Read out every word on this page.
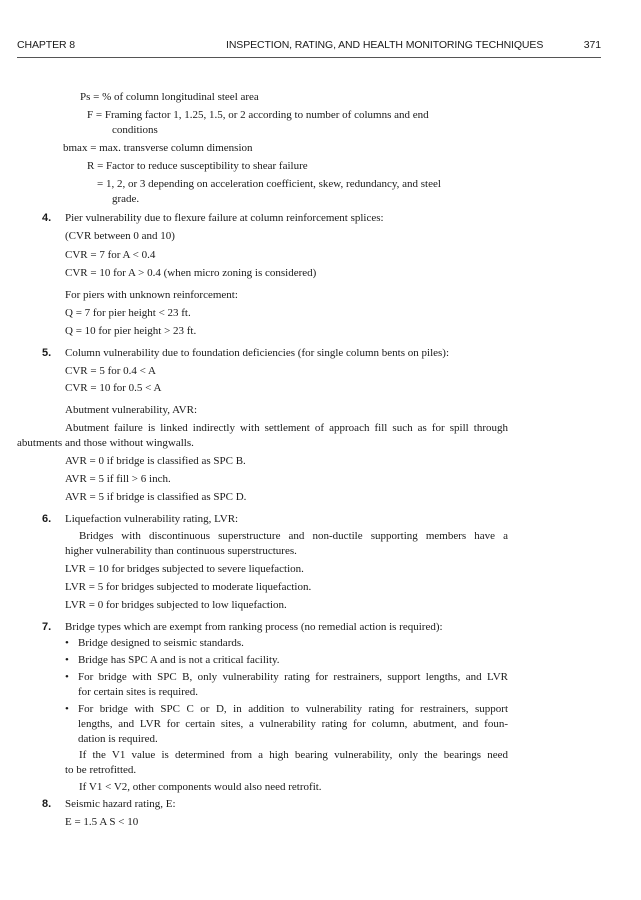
CHAPTER 8	INSPECTION, RATING, AND HEALTH MONITORING TECHNIQUES	371
Ps = % of column longitudinal steel area
F = Framing factor 1, 1.25, 1.5, or 2 according to number of columns and end
conditions
bmax = max. transverse column dimension
R = Factor to reduce susceptibility to shear failure
= 1, 2, or 3 depending on acceleration coefficient, skew, redundancy, and steel
grade.
4. Pier vulnerability due to flexure failure at column reinforcement splices:
(CVR between 0 and 10)
CVR = 7 for A < 0.4
CVR = 10 for A > 0.4 (when micro zoning is considered)
For piers with unknown reinforcement:
Q = 7 for pier height < 23 ft.
Q = 10 for pier height > 23 ft.
5. Column vulnerability due to foundation deficiencies (for single column bents on piles):
CVR = 5 for 0.4 < A
CVR = 10 for 0.5 < A
Abutment vulnerability, AVR:
Abutment failure is linked indirectly with settlement of approach fill such as for spill through
abutments and those without wingwalls.
AVR = 0 if bridge is classified as SPC B.
AVR = 5 if fill > 6 inch.
AVR = 5 if bridge is classified as SPC D.
6. Liquefaction vulnerability rating, LVR:
Bridges with discontinuous superstructure and non-ductile supporting members have a
higher vulnerability than continuous superstructures.
LVR = 10 for bridges subjected to severe liquefaction.
LVR = 5 for bridges subjected to moderate liquefaction.
LVR = 0 for bridges subjected to low liquefaction.
7. Bridge types which are exempt from ranking process (no remedial action is required):
• Bridge designed to seismic standards.
• Bridge has SPC A and is not a critical facility.
• For bridge with SPC B, only vulnerability rating for restrainers, support lengths, and LVR
for certain sites is required.
• For bridge with SPC C or D, in addition to vulnerability rating for restrainers, support
lengths, and LVR for certain sites, a vulnerability rating for column, abutment, and foun-
dation is required.
If the V1 value is determined from a high bearing vulnerability, only the bearings need
to be retrofitted.
If V1 < V2, other components would also need retrofit.
8. Seismic hazard rating, E:
E = 1.5 A S < 10
